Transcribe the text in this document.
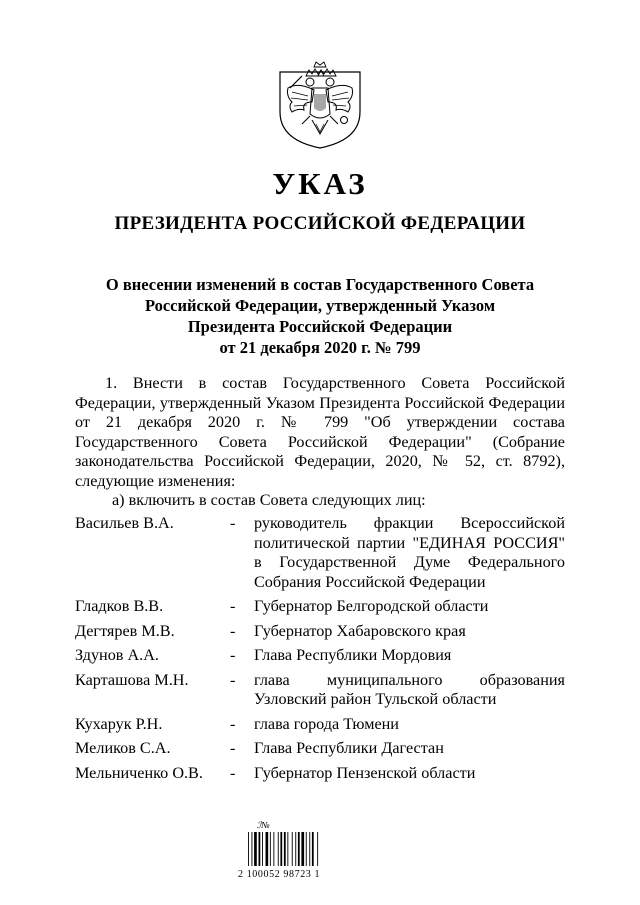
УКАЗ
ПРЕЗИДЕНТА РОССИЙСКОЙ ФЕДЕРАЦИИ
О внесении изменений в состав Государственного Совета
Российской Федерации, утвержденный Указом
Президента Российской Федерации
от 21 декабря 2020 г. № 799
1. Внести в состав Государственного Совета Российской Федерации, утвержденный Указом Президента Российской Федерации от 21 декабря 2020 г. № 799 "Об утверждении состава Государственного Совета Российской Федерации" (Собрание законодательства Российской Федерации, 2020, № 52, ст. 8792), следующие изменения:
а) включить в состав Совета следующих лиц:
Васильев В.А.	-	руководитель фракции Всероссийской политической партии "ЕДИНАЯ РОССИЯ" в Государственной Думе Федерального Собрания Российской Федерации
Гладков В.В.	-	Губернатор Белгородской области
Дегтярев М.В.	-	Губернатор Хабаровского края
Здунов А.А.	-	Глава Республики Мордовия
Карташова М.Н.	-	глава муниципального образования Узловский район Тульской области
Кухарук Р.Н.	-	глава города Тюмени
Меликов С.А.	-	Глава Республики Дагестан
Мельниченко О.В.	-	Губернатор Пензенской области
ℐ№
2 100052 98723 1
